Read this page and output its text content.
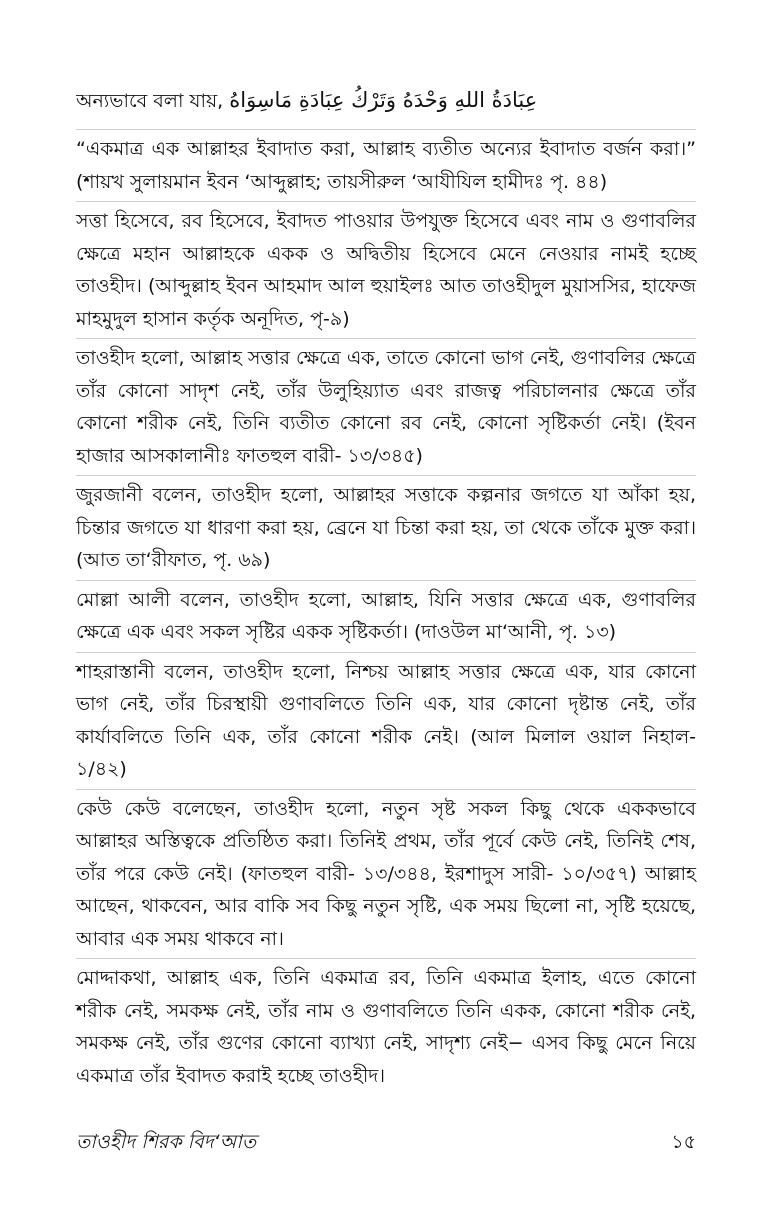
অন্যভাবে বলা যায়, عِبَادَةُ اللهِ وَحْدَهُ وَتَرْكُ عِبَادَةِ مَاسِوَاهُ

“একমাত্র এক আল্লাহর ইবাদাত করা, আল্লাহ ব্যতীত অন্যের ইবাদাত বর্জন করা।” (শায়খ সুলায়মান ইবন ‘আব্দুল্লাহ; তায়সীরুল ‘আযীযিল হামীদঃ পৃ. ৪৪)

সত্তা হিসেবে, রব হিসেবে, ইবাদত পাওয়ার উপযুক্ত হিসেবে এবং নাম ও গুণাবলির ক্ষেত্রে মহান আল্লাহকে একক ও অদ্বিতীয় হিসেবে মেনে নেওয়ার নামই হচ্ছে তাওহীদ। (আব্দুল্লাহ ইবন আহমাদ আল হুয়াইলঃ আত তাওহীদুল মুয়াসসির, হাফেজ মাহমুদুল হাসান কর্তৃক অনূদিত, পৃ-৯)

তাওহীদ হলো, আল্লাহ সত্তার ক্ষেত্রে এক, তাতে কোনো ভাগ নেই, গুণাবলির ক্ষেত্রে তাঁর কোনো সাদৃশ নেই, তাঁর উলুহিয়্যাত এবং রাজত্ব পরিচালনার ক্ষেত্রে তাঁর কোনো শরীক নেই, তিনি ব্যতীত কোনো রব নেই, কোনো সৃষ্টিকর্তা নেই। (ইবন হাজার আসকালানীঃ ফাতহুল বারী- ১৩/৩৪৫)

জুরজানী বলেন, তাওহীদ হলো, আল্লাহর সত্তাকে কল্পনার জগতে যা আঁকা হয়, চিন্তার জগতে যা ধারণা করা হয়, ব্রেনে যা চিন্তা করা হয়, তা থেকে তাঁকে মুক্ত করা। (আত তা‘রীফাত, পৃ. ৬৯)

মোল্লা আলী বলেন, তাওহীদ হলো, আল্লাহ, যিনি সত্তার ক্ষেত্রে এক, গুণাবলির ক্ষেত্রে এক এবং সকল সৃষ্টির একক সৃষ্টিকর্তা। (দাওউল মা‘আনী, পৃ. ১৩)

শাহরাস্তানী বলেন, তাওহীদ হলো, নিশ্চয় আল্লাহ সত্তার ক্ষেত্রে এক, যার কোনো ভাগ নেই, তাঁর চিরস্থায়ী গুণাবলিতে তিনি এক, যার কোনো দৃষ্টান্ত নেই, তাঁর কার্যাবলিতে তিনি এক, তাঁর কোনো শরীক নেই। (আল মিলাল ওয়াল নিহাল- ১/৪২)

কেউ কেউ বলেছেন, তাওহীদ হলো, নতুন সৃষ্ট সকল কিছু থেকে এককভাবে আল্লাহর অস্তিত্বকে প্রতিষ্ঠিত করা। তিনিই প্রথম, তাঁর পূর্বে কেউ নেই, তিনিই শেষ, তাঁর পরে কেউ নেই। (ফাতহুল বারী- ১৩/৩৪৪, ইরশাদুস সারী- ১০/৩৫৭) আল্লাহ আছেন, থাকবেন, আর বাকি সব কিছু নতুন সৃষ্টি, এক সময় ছিলো না, সৃষ্টি হয়েছে, আবার এক সময় থাকবে না।

মোদ্দাকথা, আল্লাহ এক, তিনি একমাত্র রব, তিনি একমাত্র ইলাহ, এতে কোনো শরীক নেই, সমকক্ষ নেই, তাঁর নাম ও গুণাবলিতে তিনি একক, কোনো শরীক নেই, সমকক্ষ নেই, তাঁর গুণের কোনো ব্যাখ্যা নেই, সাদৃশ্য নেই− এসব কিছু মেনে নিয়ে একমাত্র তাঁর ইবাদত করাই হচ্ছে তাওহীদ।

তাওহীদ শিরক বিদ‘আত	১৫
